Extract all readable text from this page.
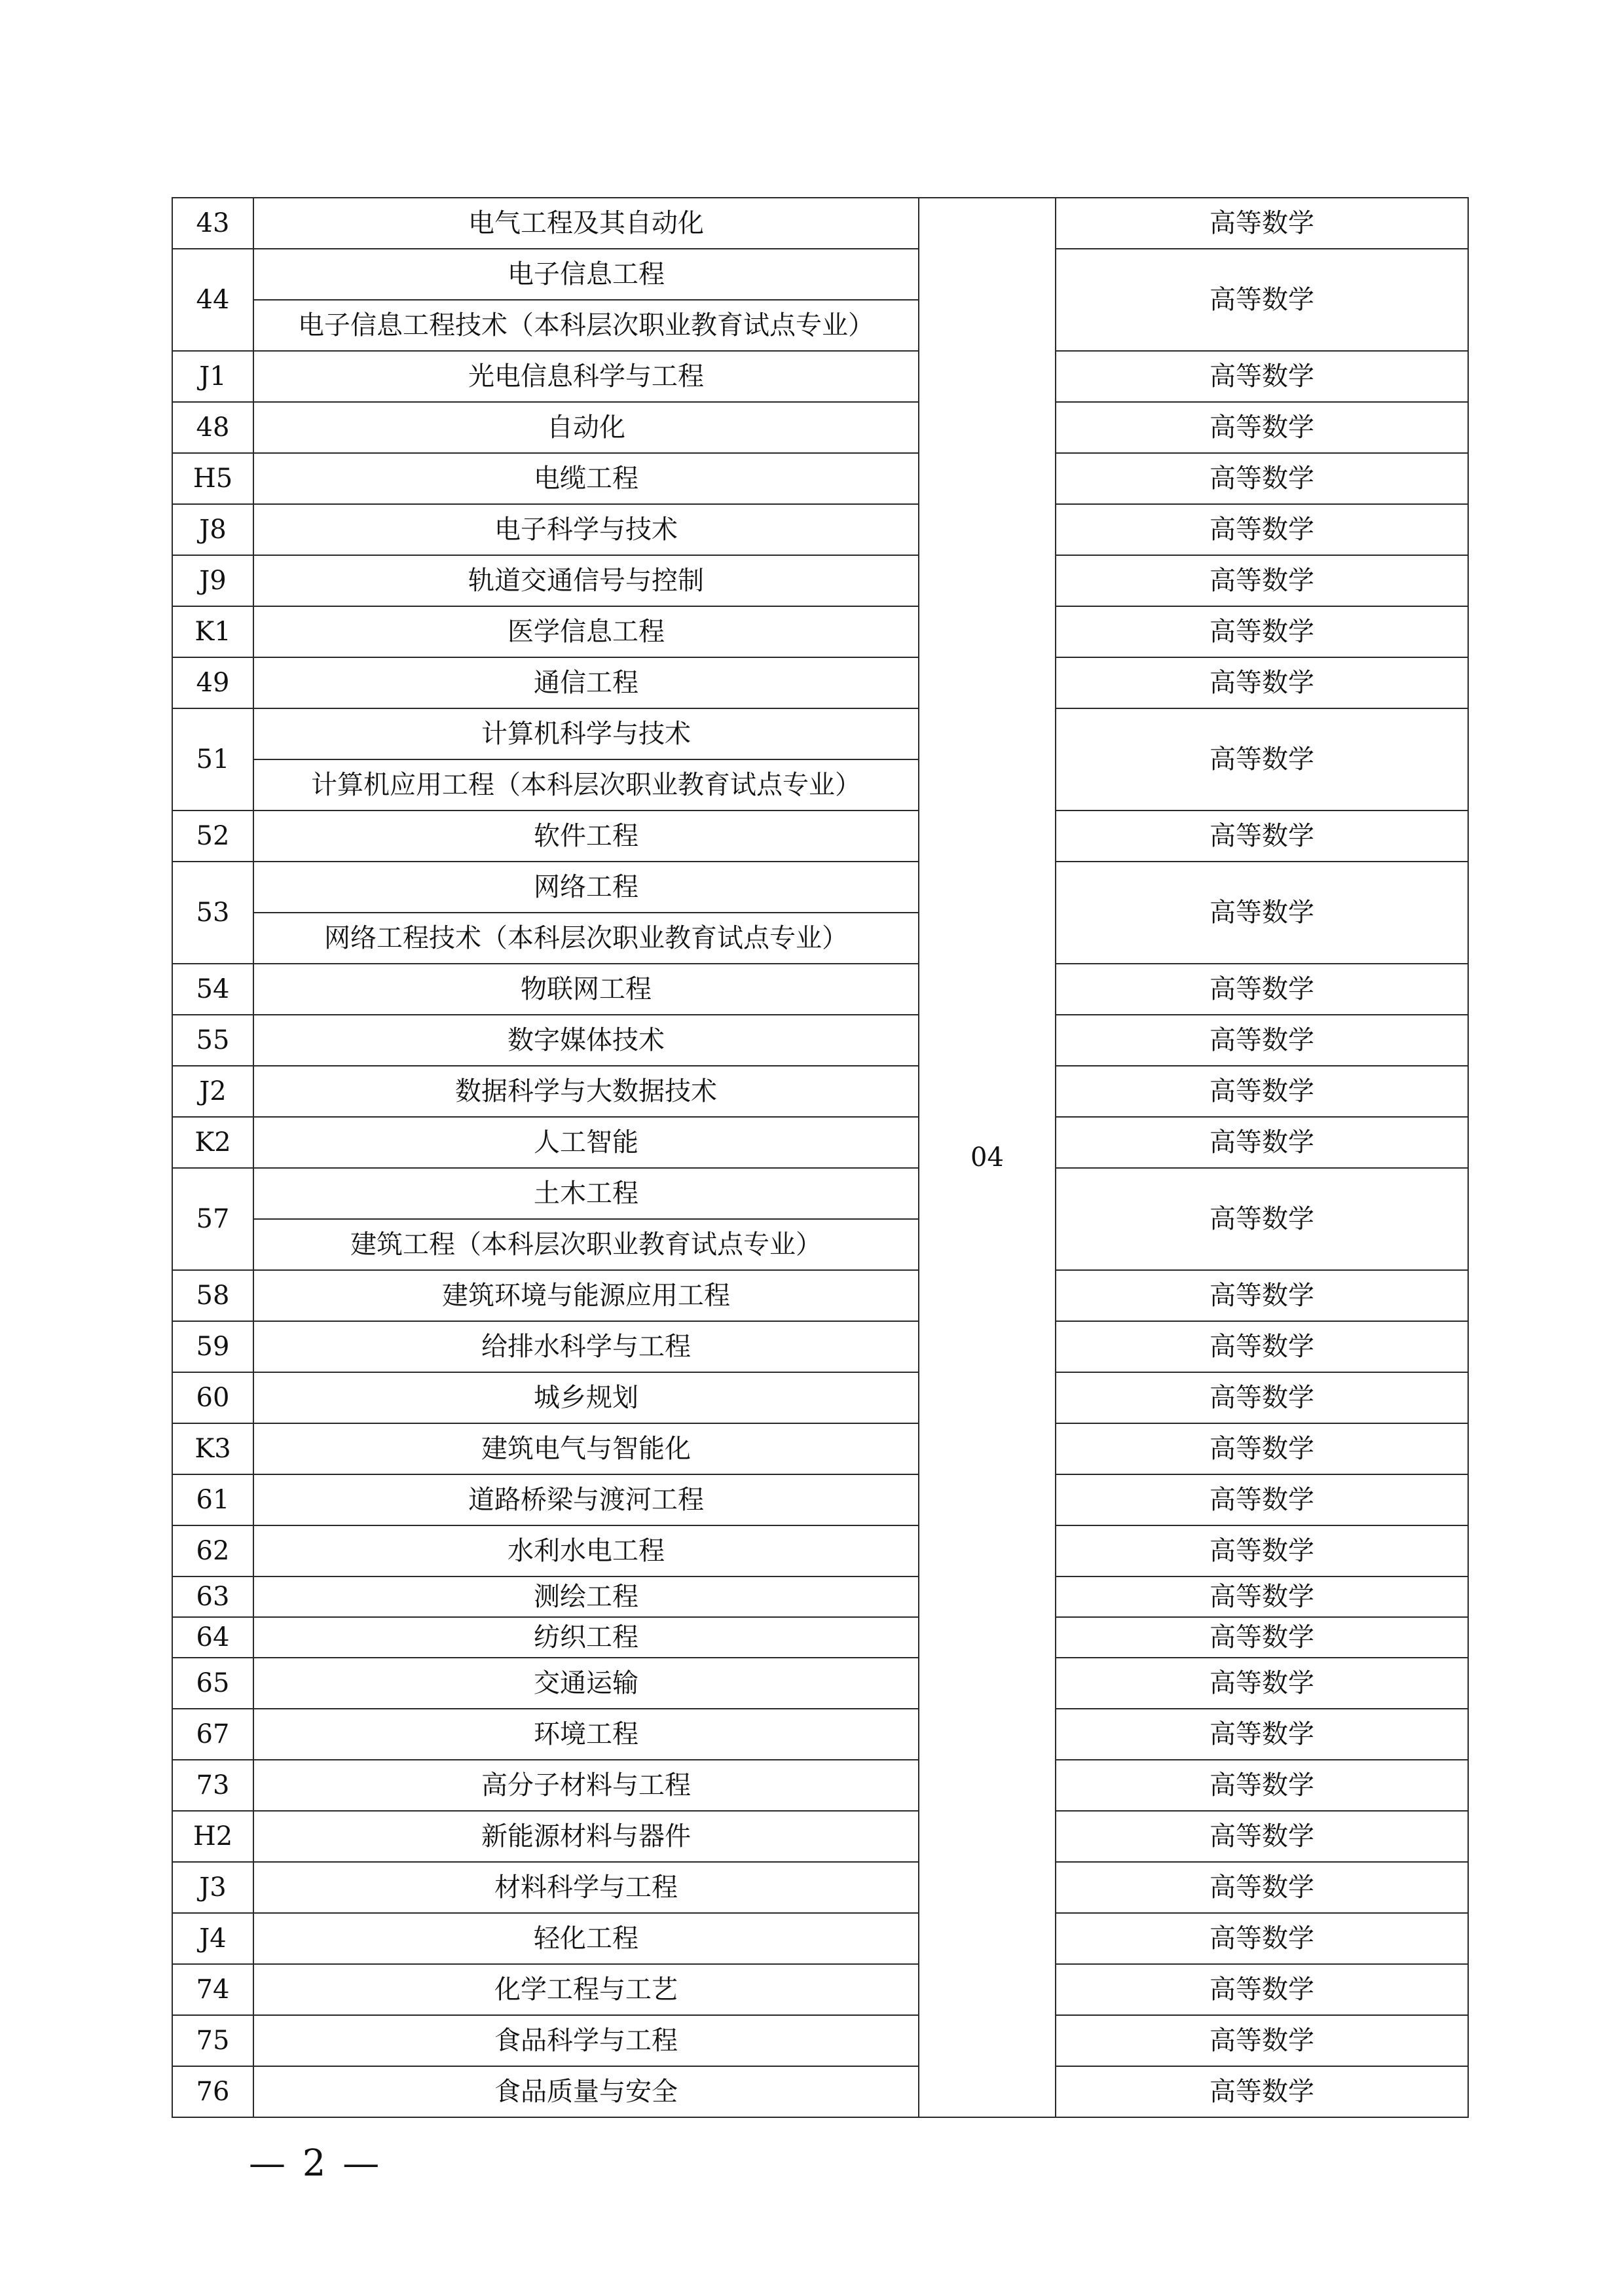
43	电气工程及其自动化	04	高等数学
44	电子信息工程		高等数学
	电子信息工程技术（本科层次职业教育试点专业）		
J1	光电信息科学与工程		高等数学
48	自动化		高等数学
H5	电缆工程		高等数学
J8	电子科学与技术		高等数学
J9	轨道交通信号与控制		高等数学
K1	医学信息工程		高等数学
49	通信工程		高等数学
51	计算机科学与技术		高等数学
	计算机应用工程（本科层次职业教育试点专业）		
52	软件工程		高等数学
53	网络工程		高等数学
	网络工程技术（本科层次职业教育试点专业）		
54	物联网工程		高等数学
55	数字媒体技术		高等数学
J2	数据科学与大数据技术		高等数学
K2	人工智能		高等数学
57	土木工程		高等数学
	建筑工程（本科层次职业教育试点专业）		
58	建筑环境与能源应用工程		高等数学
59	给排水科学与工程		高等数学
60	城乡规划		高等数学
K3	建筑电气与智能化		高等数学
61	道路桥梁与渡河工程		高等数学
62	水利水电工程		高等数学
63	测绘工程		高等数学
64	纺织工程		高等数学
65	交通运输		高等数学
67	环境工程		高等数学
73	高分子材料与工程		高等数学
H2	新能源材料与器件		高等数学
J3	材料科学与工程		高等数学
J4	轻化工程		高等数学
74	化学工程与工艺		高等数学
75	食品科学与工程		高等数学
76	食品质量与安全		高等数学
— 2 —
